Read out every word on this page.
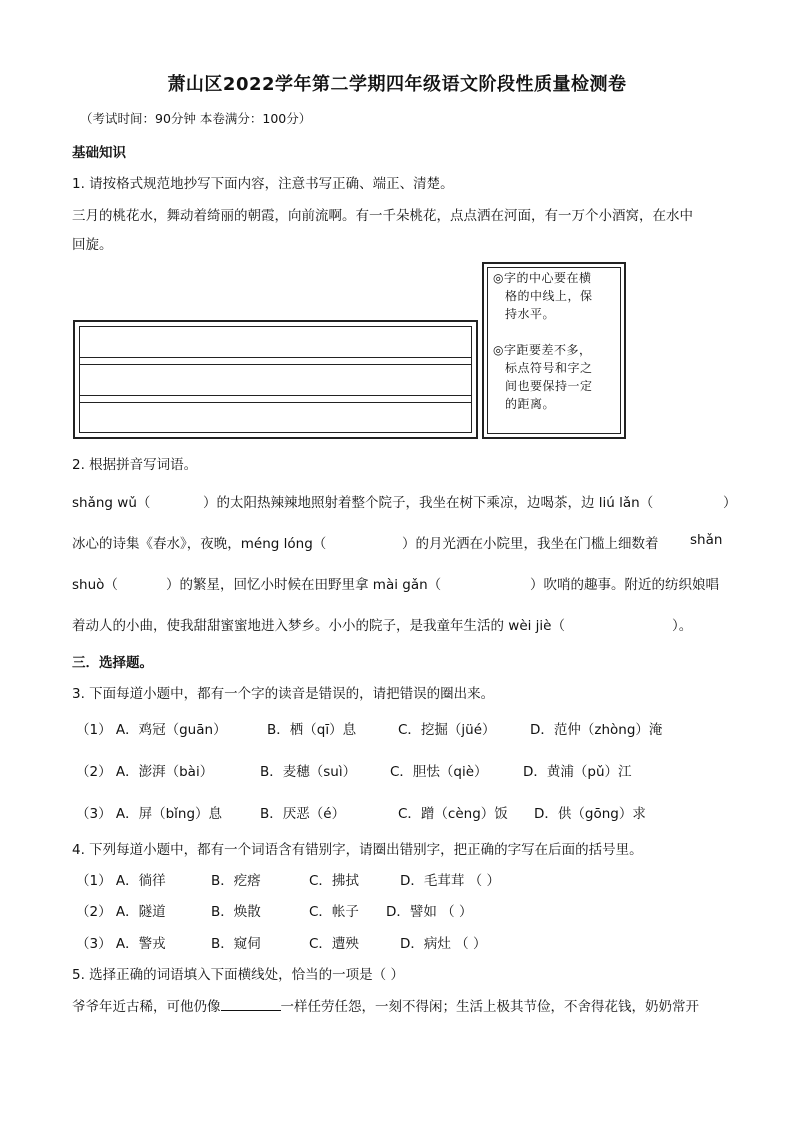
萧山区2022学年第二学期四年级语文阶段性质量检测卷
（考试时间：90分钟 本卷满分：100分）
基础知识
1. 请按格式规范地抄写下面内容，注意书写正确、端正、清楚。
三月的桃花水，舞动着绮丽的朝霞，向前流啊。有一千朵桃花，点点洒在河面，有一万个小酒窝，在水中
回旋。
◎字的中心要在横
格的中线上，保
持水平。
◎字距要差不多，
标点符号和字之
间也要保持一定
的距离。
2. 根据拼音写词语。
shǎng wǔ（	）的太阳热辣辣地照射着整个院子，我坐在树下乘凉，边喝茶，边 liú lǎn（	）
冰心的诗集《春水》，夜晚，méng lóng（	）的月光洒在小院里，我坐在门槛上细数着 shǎn
shuò（	）的繁星，回忆小时候在田野里拿 mài gǎn（	）吹哨的趣事。附近的纺织娘唱
着动人的小曲，使我甜甜蜜蜜地进入梦乡。小小的院子，是我童年生活的 wèi jiè（	）。
三．选择题。
3. 下面每道小题中，都有一个字的读音是错误的，请把错误的圈出来。
（1） A．鸡冠（guān）	B．栖（qī）息	C．挖掘（jüé）	D．范仲（zhòng）淹
（2） A．澎湃（bài）	B．麦穗（suì）	C．胆怯（qiè）	D．黄浦（pǔ）江
（3） A．屏（bǐng）息	B．厌恶（é）	C．蹭（cèng）饭 D．供（gōng）求
4. 下列每道小题中，都有一个词语含有错别字，请圈出错别字，把正确的字写在后面的括号里。
（1） A．徜徉	B．疙瘩	C．拂拭	D．毛茸茸 （ ）
（2） A．隧道	B．焕散	C．帐子 D．譬如 （ ）
（3） A．警戎	B．窥伺	C．遭殃	D．病灶 （ ）
5. 选择正确的词语填入下面横线处，恰当的一项是（ ）
爷爷年近古稀，可他仍像	一样任劳任怨，一刻不得闲；生活上极其节俭，不舍得花钱，奶奶常开
